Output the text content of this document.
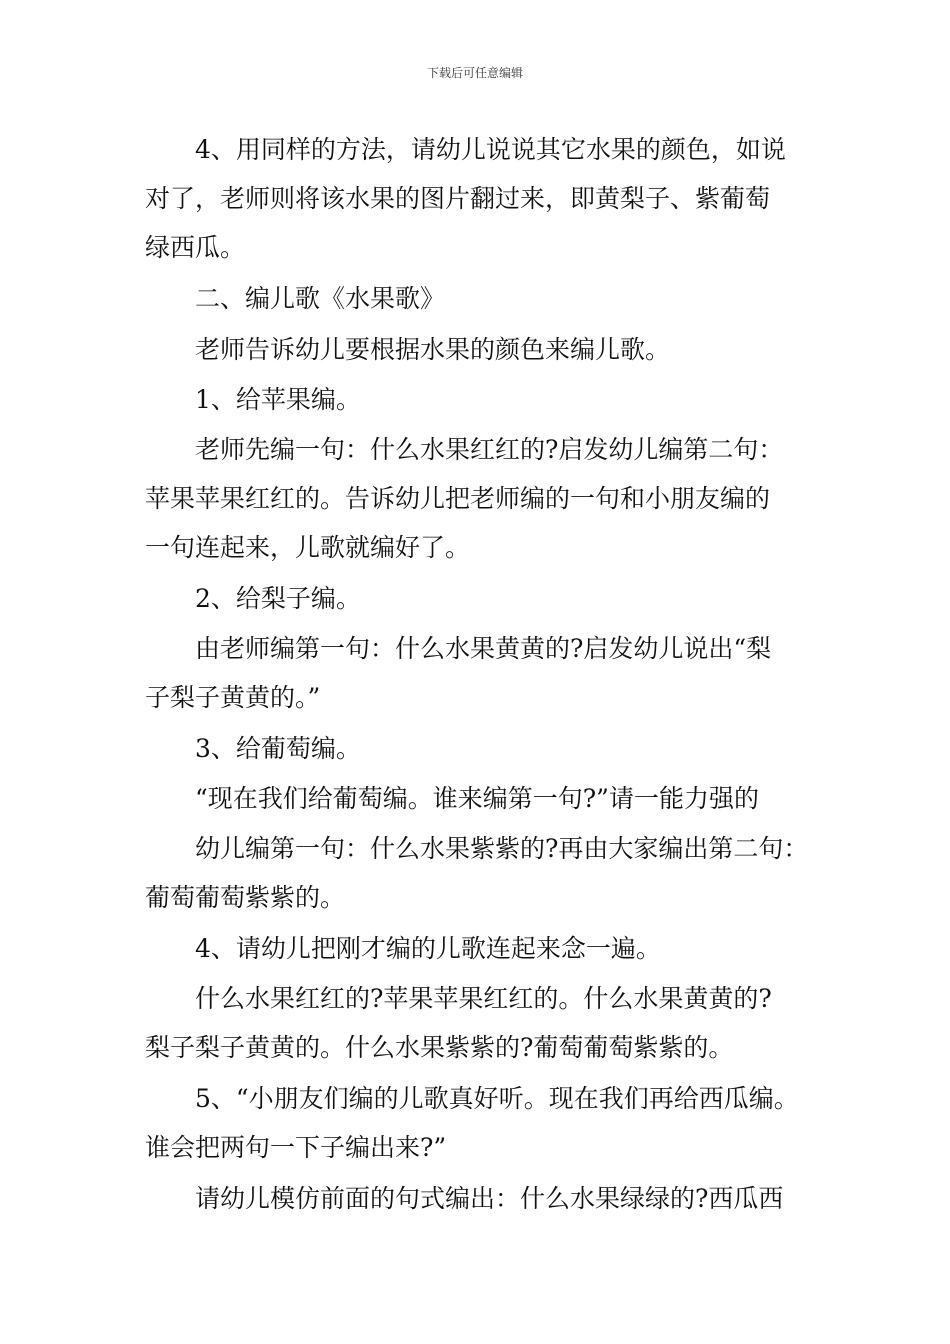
下载后可任意编辑
4、用同样的方法，请幼儿说说其它水果的颜色，如说
对了，老师则将该水果的图片翻过来，即黄梨子、紫葡萄
绿西瓜。
二、编儿歌《水果歌》
老师告诉幼儿要根据水果的颜色来编儿歌。
1、给苹果编。
老师先编一句：什么水果红红的?启发幼儿编第二句：
苹果苹果红红的。告诉幼儿把老师编的一句和小朋友编的
一句连起来，儿歌就编好了。
2、给梨子编。
由老师编第一句：什么水果黄黄的?启发幼儿说出“梨
子梨子黄黄的。”
3、给葡萄编。
“现在我们给葡萄编。谁来编第一句?”请一能力强的
幼儿编第一句：什么水果紫紫的?再由大家编出第二句：
葡萄葡萄紫紫的。
4、请幼儿把刚才编的儿歌连起来念一遍。
什么水果红红的?苹果苹果红红的。什么水果黄黄的?
梨子梨子黄黄的。什么水果紫紫的?葡萄葡萄紫紫的。
5、“小朋友们编的儿歌真好听。现在我们再给西瓜编。
谁会把两句一下子编出来?”
请幼儿模仿前面的句式编出：什么水果绿绿的?西瓜西
